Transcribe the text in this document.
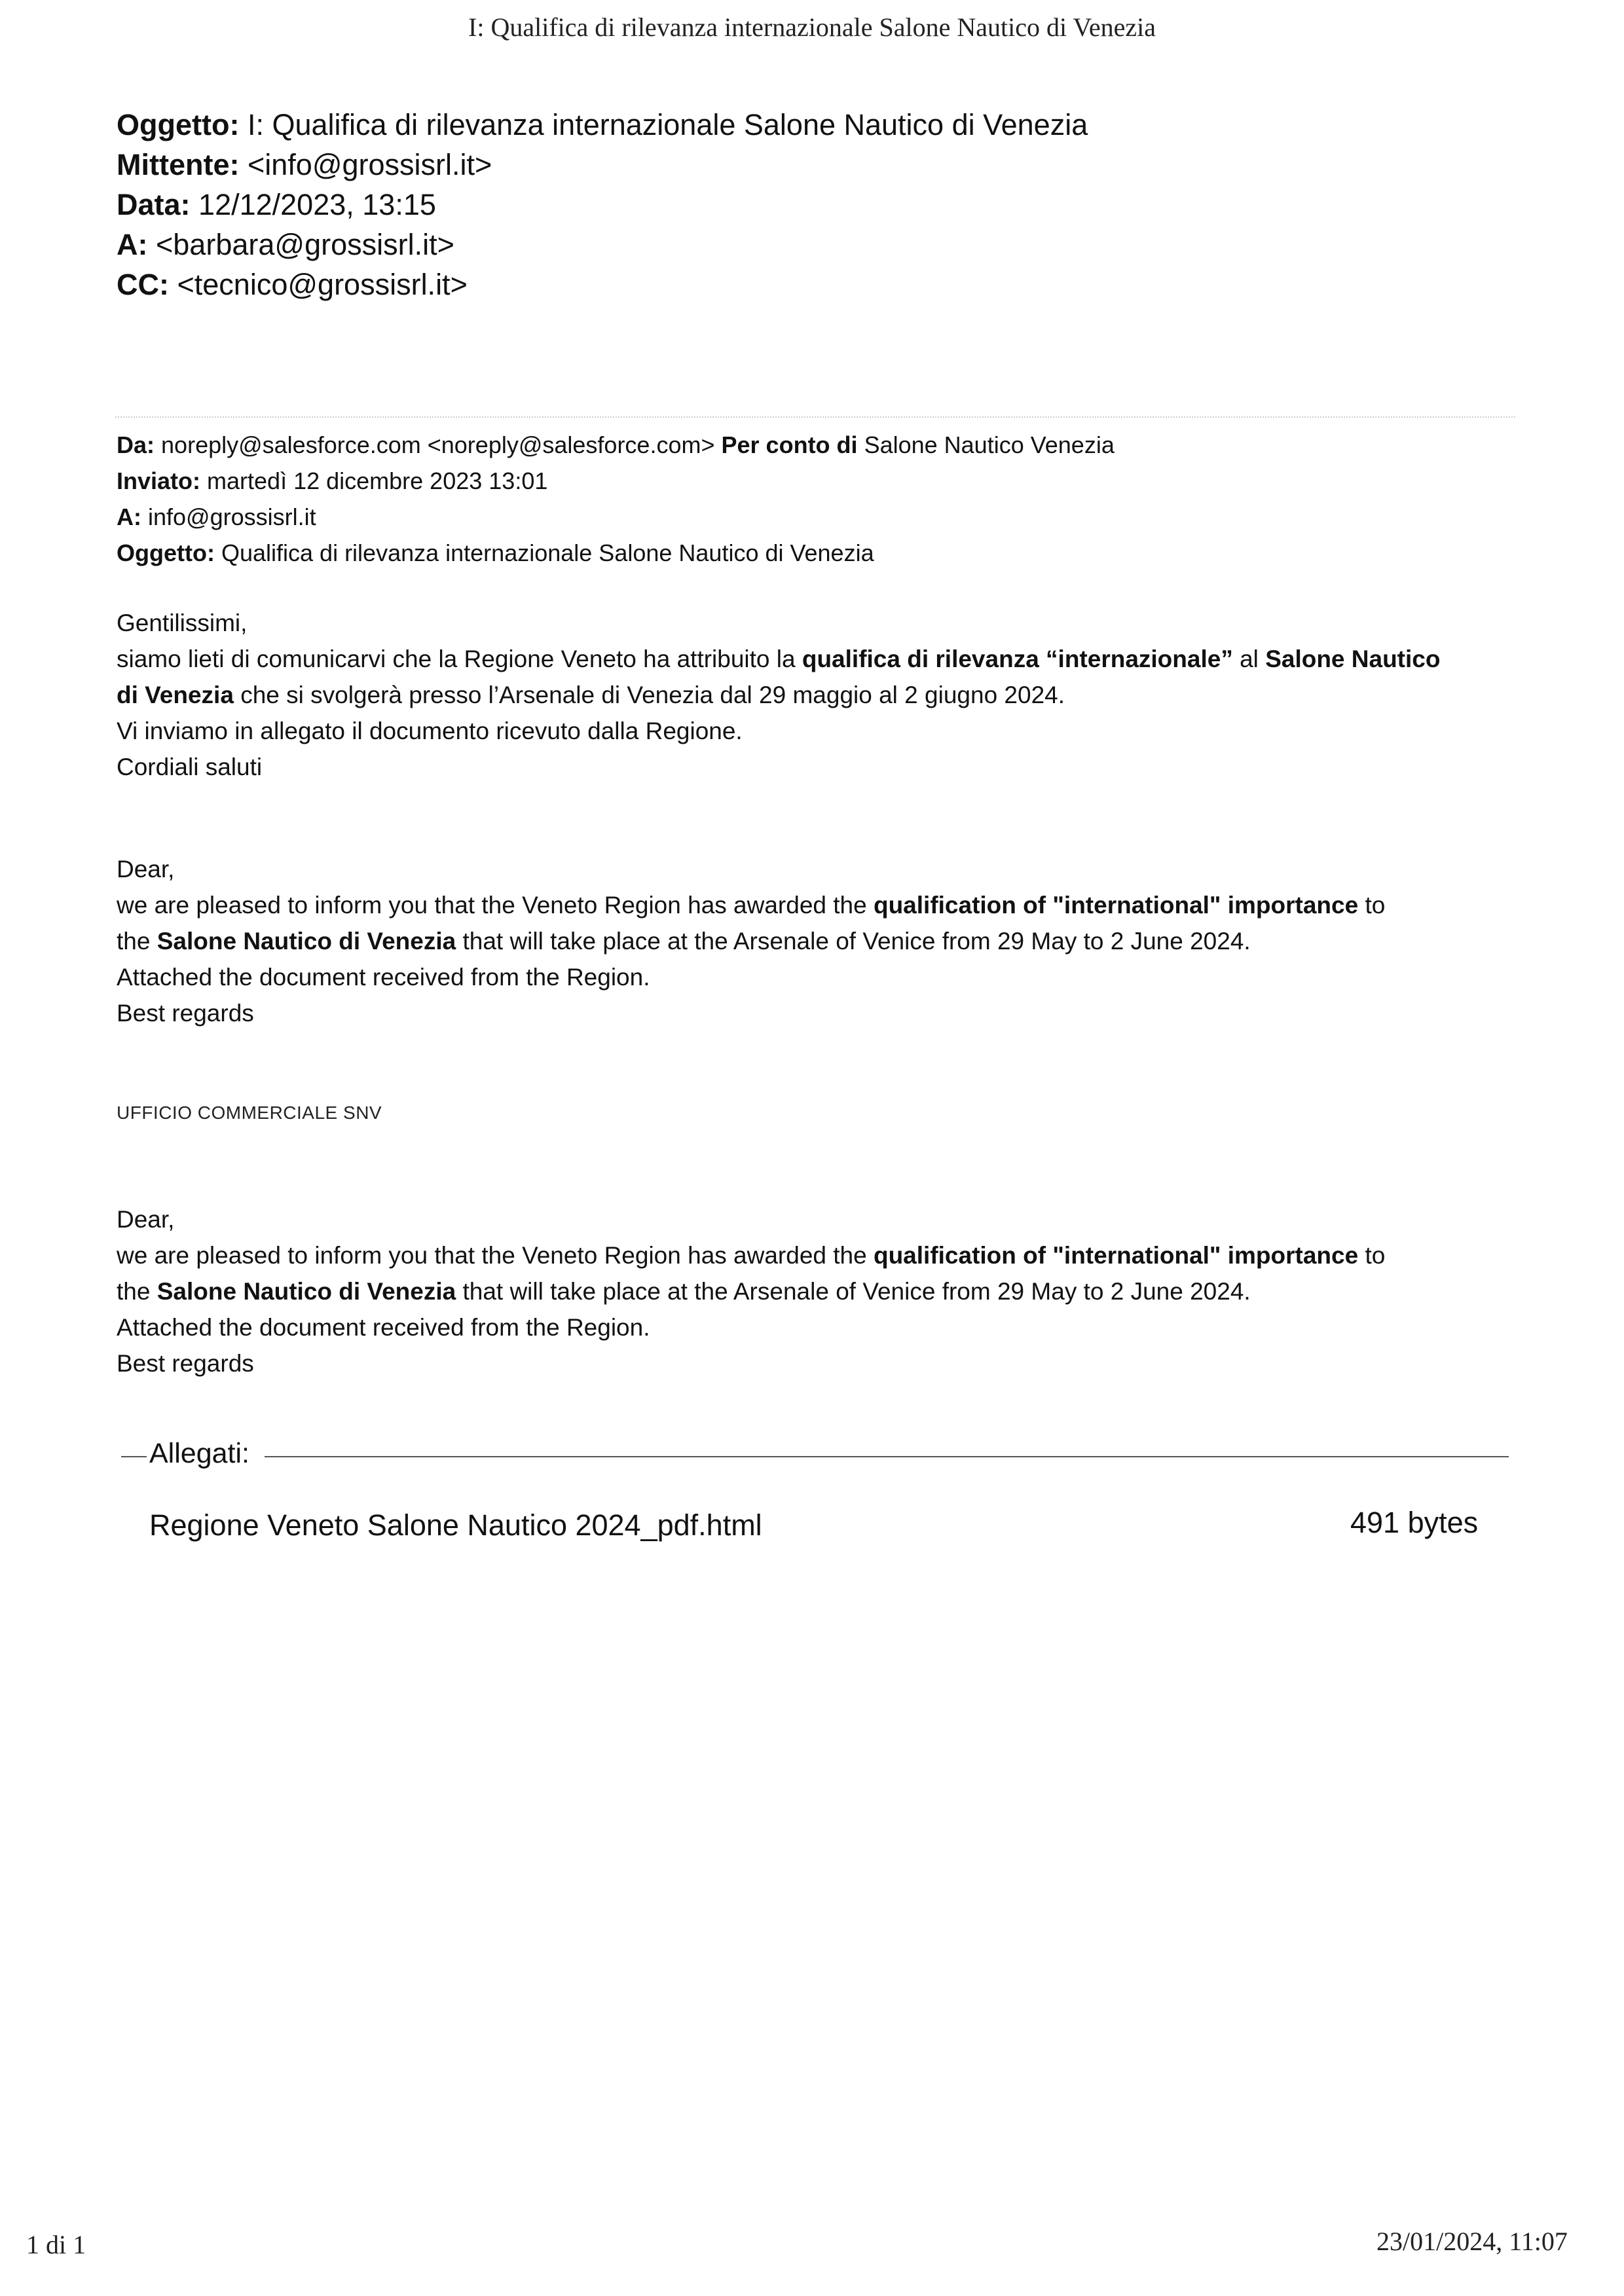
I: Qualifica di rilevanza internazionale Salone Nautico di Venezia
Oggetto: I: Qualifica di rilevanza internazionale Salone Nautico di Venezia
Mittente: <info@grossisrl.it>
Data: 12/12/2023, 13:15
A: <barbara@grossisrl.it>
CC: <tecnico@grossisrl.it>
Da: noreply@salesforce.com <noreply@salesforce.com> Per conto di Salone Nautico Venezia
Inviato: martedì 12 dicembre 2023 13:01
A: info@grossisrl.it
Oggetto: Qualifica di rilevanza internazionale Salone Nautico di Venezia
Gentilissimi,
siamo lieti di comunicarvi che la Regione Veneto ha attribuito la qualifica di rilevanza “internazionale” al Salone Nautico
di Venezia che si svolgerà presso l’Arsenale di Venezia dal 29 maggio al 2 giugno 2024.
Vi inviamo in allegato il documento ricevuto dalla Regione.
Cordiali saluti
Dear,
we are pleased to inform you that the Veneto Region has awarded the qualification of "international" importance to
the Salone Nautico di Venezia that will take place at the Arsenale of Venice from 29 May to 2 June 2024.
Attached the document received from the Region.
Best regards
UFFICIO COMMERCIALE SNV
Dear,
we are pleased to inform you that the Veneto Region has awarded the qualification of "international" importance to
the Salone Nautico di Venezia that will take place at the Arsenale of Venice from 29 May to 2 June 2024.
Attached the document received from the Region.
Best regards
Allegati:
Regione Veneto Salone Nautico 2024_pdf.html	491 bytes
1 di 1	23/01/2024, 11:07
